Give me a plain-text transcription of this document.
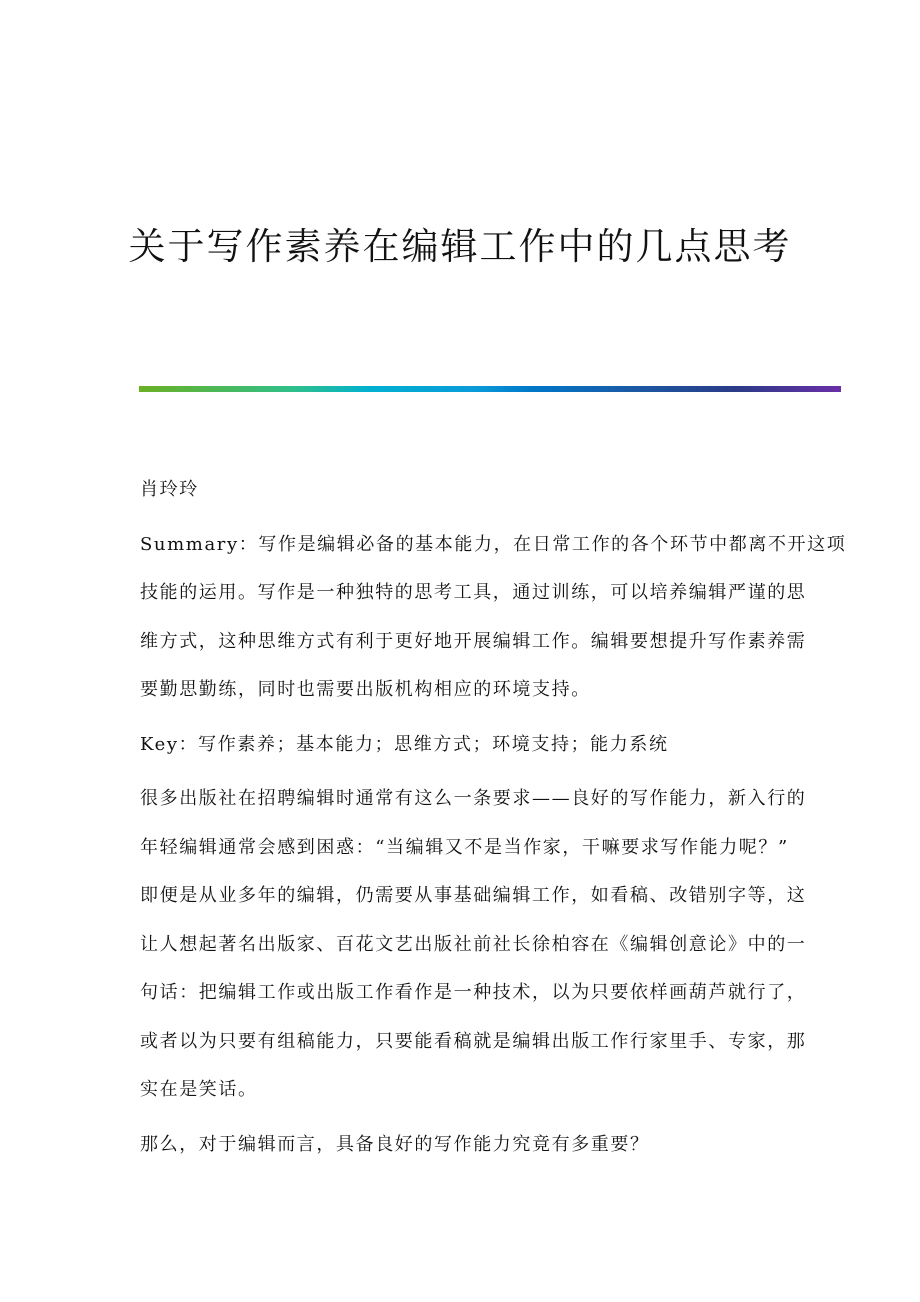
关于写作素养在编辑工作中的几点思考
肖玲玲
Summary：写作是编辑必备的基本能力，在日常工作的各个环节中都离不开这项
技能的运用。写作是一种独特的思考工具，通过训练，可以培养编辑严谨的思
维方式，这种思维方式有利于更好地开展编辑工作。编辑要想提升写作素养需
要勤思勤练，同时也需要出版机构相应的环境支持。
Key：写作素养；基本能力；思维方式；环境支持；能力系统
很多出版社在招聘编辑时通常有这么一条要求——良好的写作能力，新入行的
年轻编辑通常会感到困惑：“当编辑又不是当作家，干嘛要求写作能力呢？”
即便是从业多年的编辑，仍需要从事基础编辑工作，如看稿、改错别字等，这
让人想起著名出版家、百花文艺出版社前社长徐柏容在《编辑创意论》中的一
句话：把编辑工作或出版工作看作是一种技术，以为只要依样画葫芦就行了，
或者以为只要有组稿能力，只要能看稿就是编辑出版工作行家里手、专家，那
实在是笑话。
那么，对于编辑而言，具备良好的写作能力究竟有多重要？
